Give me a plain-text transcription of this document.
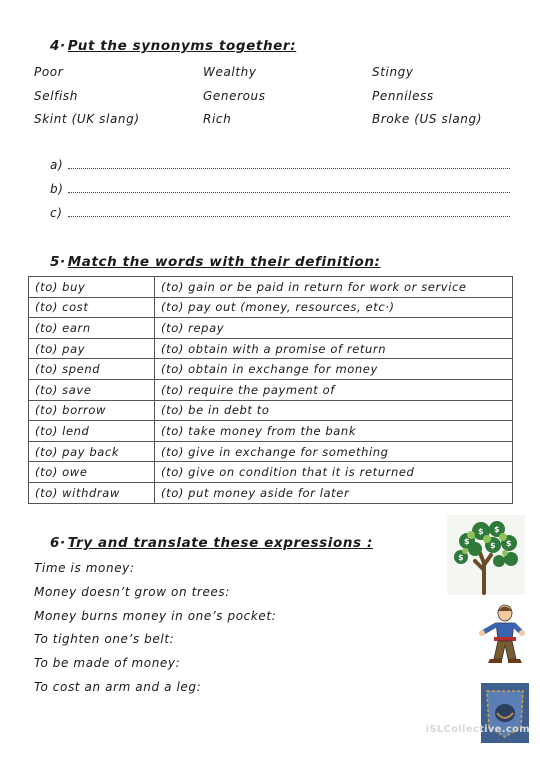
4· Put the synonyms together:
Poor	Wealthy	Stingy
Selfish	Generous	Penniless
Skint (UK slang)	Rich	Broke (US slang)
a)
b)
c)
5· Match the words with their definition:
(to) buy	(to) gain or be paid in return for work or service
(to) cost	(to) pay out (money, resources, etc·)
(to) earn	(to) repay
(to) pay	(to) obtain with a promise of return
(to) spend	(to) obtain in exchange for money
(to) save	(to) require the payment of
(to) borrow	(to) be in debt to
(to) lend	(to) take money from the bank
(to) pay back	(to) give in exchange for something
(to) owe	(to) give on condition that it is returned
(to) withdraw	(to) put money aside for later
6· Try and translate these expressions :
Time is money:
Money doesn’t grow on trees:
Money burns money in one’s pocket:
To tighten one’s belt:
To be made of money:
To cost an arm and a leg:
$ $
$	$
$
$
iSLCollective.com
